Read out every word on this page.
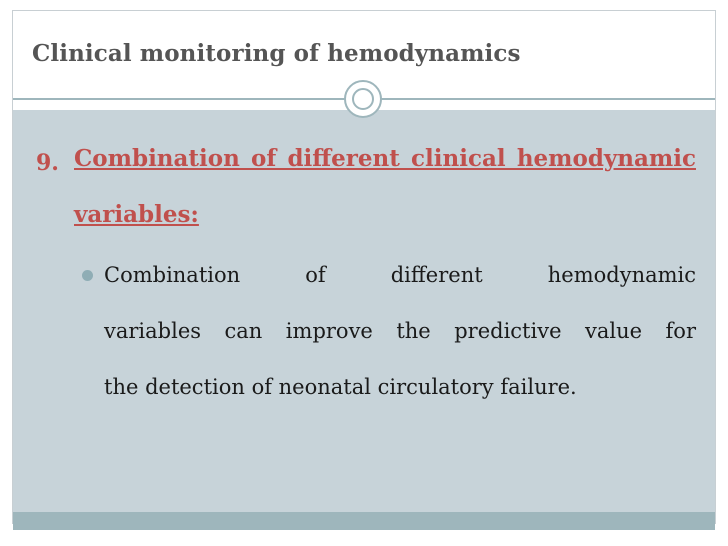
Clinical monitoring of hemodynamics
9. Combination of different clinical hemodynamic
variables:
Combination of different hemodynamic
variables can improve the predictive value for
the detection of neonatal circulatory failure.
